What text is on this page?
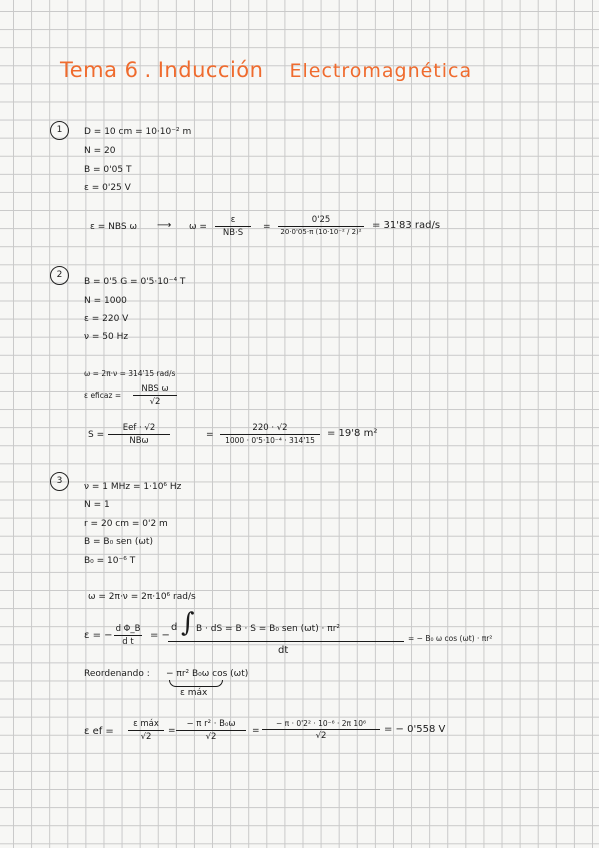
Tema 6 . Inducción Electromagnética
1	D = 10 cm = 10·10⁻² m
N = 20
B = 0'05 T
ε = 0'25 V
ε = NBS ω ⟶ ω =
ε
NB·S
=
0'25
20·0'05·π (10·10⁻² / 2)²
= 31'83 rad/s
2
B = 0'5 G = 0'5·10⁻⁴ T
N = 1000
ε = 220 V
ν = 50 Hz
ω = 2π·ν = 314'15 rad/s
ε eficaz =
NBS ω
√2
S =
Eef · √2
NBω
=
220 · √2
1000 · 0'5·10⁻⁴ · 314'15
= 19'8 m²
3
ν = 1 MHz = 1·10⁶ Hz
N = 1
r = 20 cm = 0'2 m
B = B₀ sen (ωt)
B₀ = 10⁻⁶ T
ω = 2π·ν = 2π·10⁶ rad/s
ε = −
d Φ_B
d t
= −
d ∫ B · dS = B · S = B₀ sen (ωt) · πr²
dt
= − B₀ ω cos (ωt) · πr²
Reordenando : − πr² B₀ω cos (ωt)
ε máx
ε ef =
ε máx
√2
=
− π r² · B₀ω
√2
=
− π · 0'2² · 10⁻⁶ · 2π 10⁶
√2
= − 0'558 V
